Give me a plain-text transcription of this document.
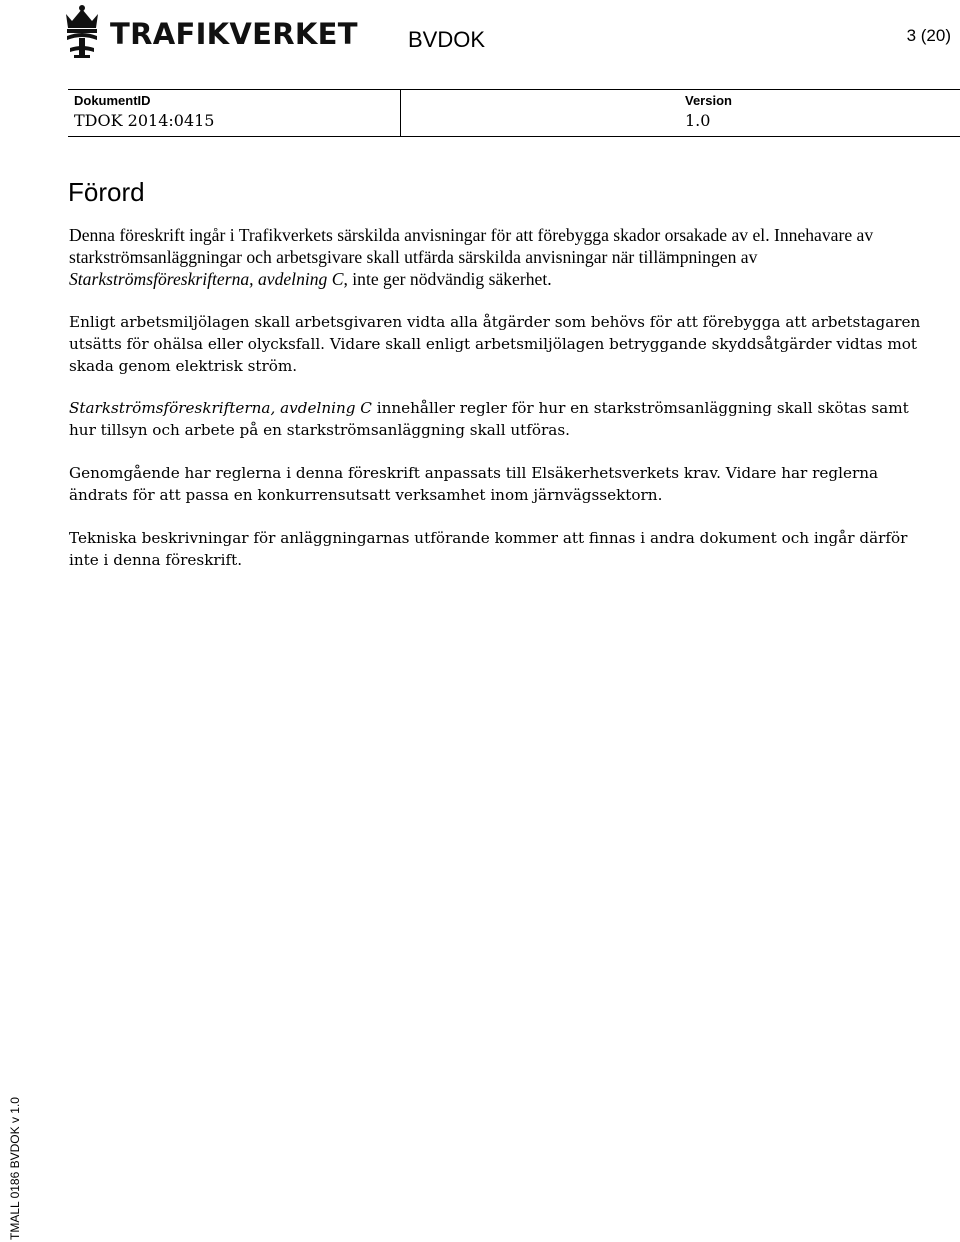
TRAFIKVERKET BVDOK	3 (20)
DokumentID
TDOK 2014:0415
Version
1.0
Förord

Denna föreskrift ingår i Trafikverkets särskilda anvisningar för att förebygga skador orsakade av el. Innehavare av starkströmsanläggningar och arbetsgivare skall utfärda särskilda anvisningar när tillämpningen av Starkströmsföreskrifterna, avdelning C, inte ger nödvändig säkerhet.

Enligt arbetsmiljölagen skall arbetsgivaren vidta alla åtgärder som behövs för att förebygga att arbetstagaren utsätts för ohälsa eller olycksfall. Vidare skall enligt arbetsmiljölagen betryggande skyddsåtgärder vidtas mot skada genom elektrisk ström.

Starkströmsföreskrifterna, avdelning C innehåller regler för hur en starkströmsanläggning skall skötas samt hur tillsyn och arbete på en starkströmsanläggning skall utföras.

Genomgående har reglerna i denna föreskrift anpassats till Elsäkerhetsverkets krav. Vidare har reglerna ändrats för att passa en konkurrensutsatt verksamhet inom järnvägssektorn.

Tekniska beskrivningar för anläggningarnas utförande kommer att finnas i andra dokument och ingår därför inte i denna föreskrift.

TMALL 0186 BVDOK v 1.0
